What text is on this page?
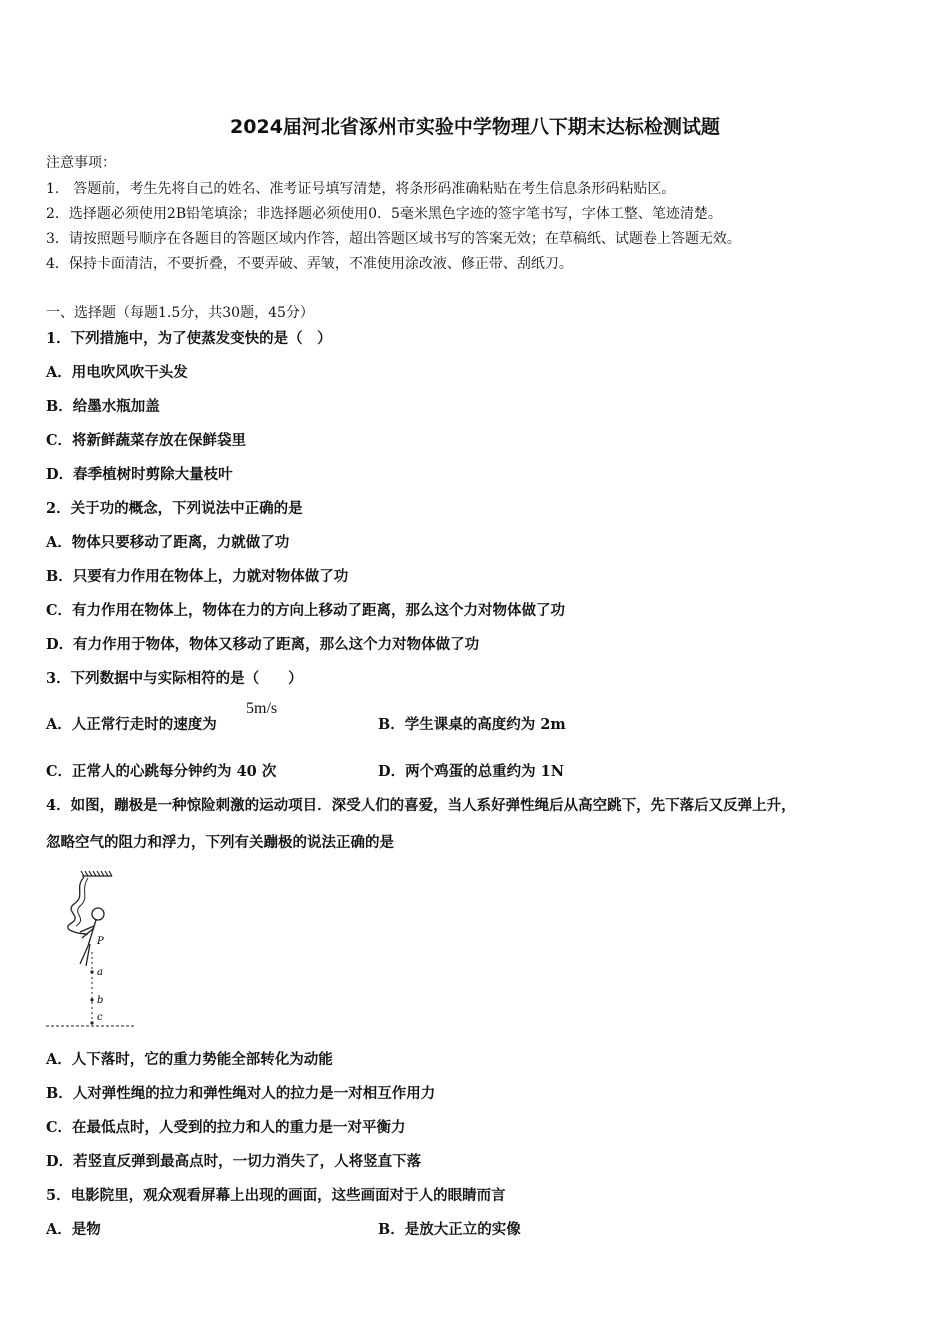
2024届河北省涿州市实验中学物理八下期末达标检测试题
注意事项：
1.　答题前，考生先将自己的姓名、准考证号填写清楚，将条形码准确粘贴在考生信息条形码粘贴区。
2．选择题必须使用2B铅笔填涂；非选择题必须使用0．5毫米黑色字迹的签字笔书写，字体工整、笔迹清楚。
3．请按照题号顺序在各题目的答题区域内作答，超出答题区域书写的答案无效；在草稿纸、试题卷上答题无效。
4．保持卡面清洁，不要折叠，不要弄破、弄皱，不准使用涂改液、修正带、刮纸刀。
一、选择题（每题1.5分，共30题，45分）
1．下列措施中，为了使蒸发变快的是（　）
A．用电吹风吹干头发
B．给墨水瓶加盖
C．将新鲜蔬菜存放在保鲜袋里
D．春季植树时剪除大量枝叶
2．关于功的概念，下列说法中正确的是
A．物体只要移动了距离，力就做了功
B．只要有力作用在物体上，力就对物体做了功
C．有力作用在物体上，物体在力的方向上移动了距离，那么这个力对物体做了功
D．有力作用于物体，物体又移动了距离，那么这个力对物体做了功
3．下列数据中与实际相符的是（　　）
A．人正常行走时的速度为
5m/s
B．学生课桌的高度约为 2m
C．正常人的心跳每分钟约为 40 次	D．两个鸡蛋的总重约为 1N
4．如图，蹦极是一种惊险刺激的运动项目．深受人们的喜爱，当人系好弹性绳后从高空跳下，先下落后又反弹上升，
忽略空气的阻力和浮力，下列有关蹦极的说法正确的是
P
a
b
c
A．人下落时，它的重力势能全部转化为动能
B．人对弹性绳的拉力和弹性绳对人的拉力是一对相互作用力
C．在最低点时，人受到的拉力和人的重力是一对平衡力
D．若竖直反弹到最高点时，一切力消失了，人将竖直下落
5．电影院里，观众观看屏幕上出现的画面，这些画面对于人的眼睛而言
A．是物	B．是放大正立的实像
